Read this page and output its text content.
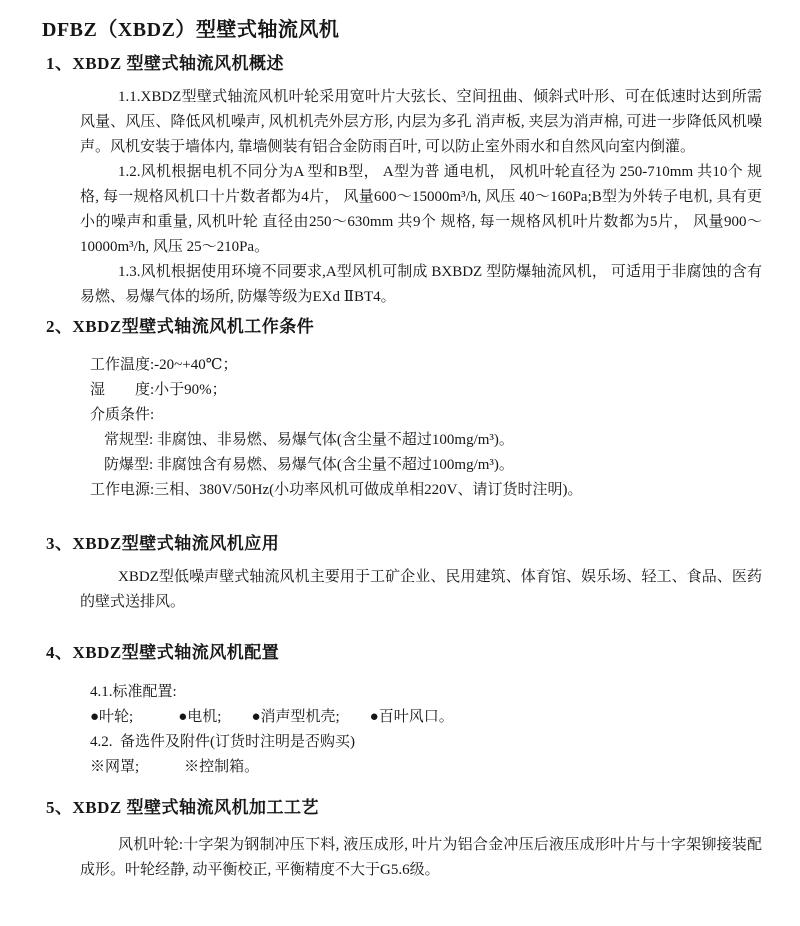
DFBZ（XBDZ）型壁式轴流风机
1、XBDZ 型壁式轴流风机概述

1.1.XBDZ型壁式轴流风机叶轮采用宽叶片大弦长、空间扭曲、倾斜式叶形、可在低速时达到所需风量、风压、降低风机噪声, 风机机壳外层方形, 内层为多孔 消声板, 夹层为消声棉, 可进一步降低风机噪声。风机安装于墙体内, 靠墙侧装有铝合金防雨百叶, 可以防止室外雨水和自然风向室内倒灌。

1.2.风机根据电机不同分为A 型和B型， A型为普 通电机， 风机叶轮直径为 250-710mm 共10个 规格, 每一规格风机口十片数者都为4片， 风量600～15000m³/h, 风压 40～160Pa;B型为外转子电机, 具有更小的噪声和重量, 风机叶轮 直径由250～630mm 共9个 规格, 每一规格风机叶片数都为5片， 风量900～10000m³/h, 风压 25～210Pa。

1.3.风机根据使用环境不同要求,A型风机可制成 BXBDZ 型防爆轴流风机， 可适用于非腐蚀的含有易燃、易爆气体的场所, 防爆等级为EXd ⅡBT4。

2、XBDZ型壁式轴流风机工作条件
工作温度:-20~+40℃；
湿　　度:小于90%；
介质条件:
常规型: 非腐蚀、非易燃、易爆气体(含尘量不超过100mg/m³)。
防爆型: 非腐蚀含有易燃、易爆气体(含尘量不超过100mg/m³)。
工作电源:三相、380V/50Hz(小功率风机可做成单相220V、请订货时注明)。
3、XBDZ型壁式轴流风机应用

XBDZ型低噪声壁式轴流风机主要用于工矿企业、民用建筑、体育馆、娱乐场、轻工、食品、医药的壁式送排风。

4、XBDZ型壁式轴流风机配置
4.1.标准配置:
●叶轮;　　　●电机;　　●消声型机壳;　　●百叶风口。
4.2.  备选件及附件(订货时注明是否购买)
※网罩;　　　※控制箱。
5、XBDZ 型壁式轴流风机加工工艺

风机叶轮:十字架为钢制冲压下料, 液压成形, 叶片为铝合金冲压后液压成形叶片与十字架铆接装配成形。叶轮经静, 动平衡校正, 平衡精度不大于G5.6级。
